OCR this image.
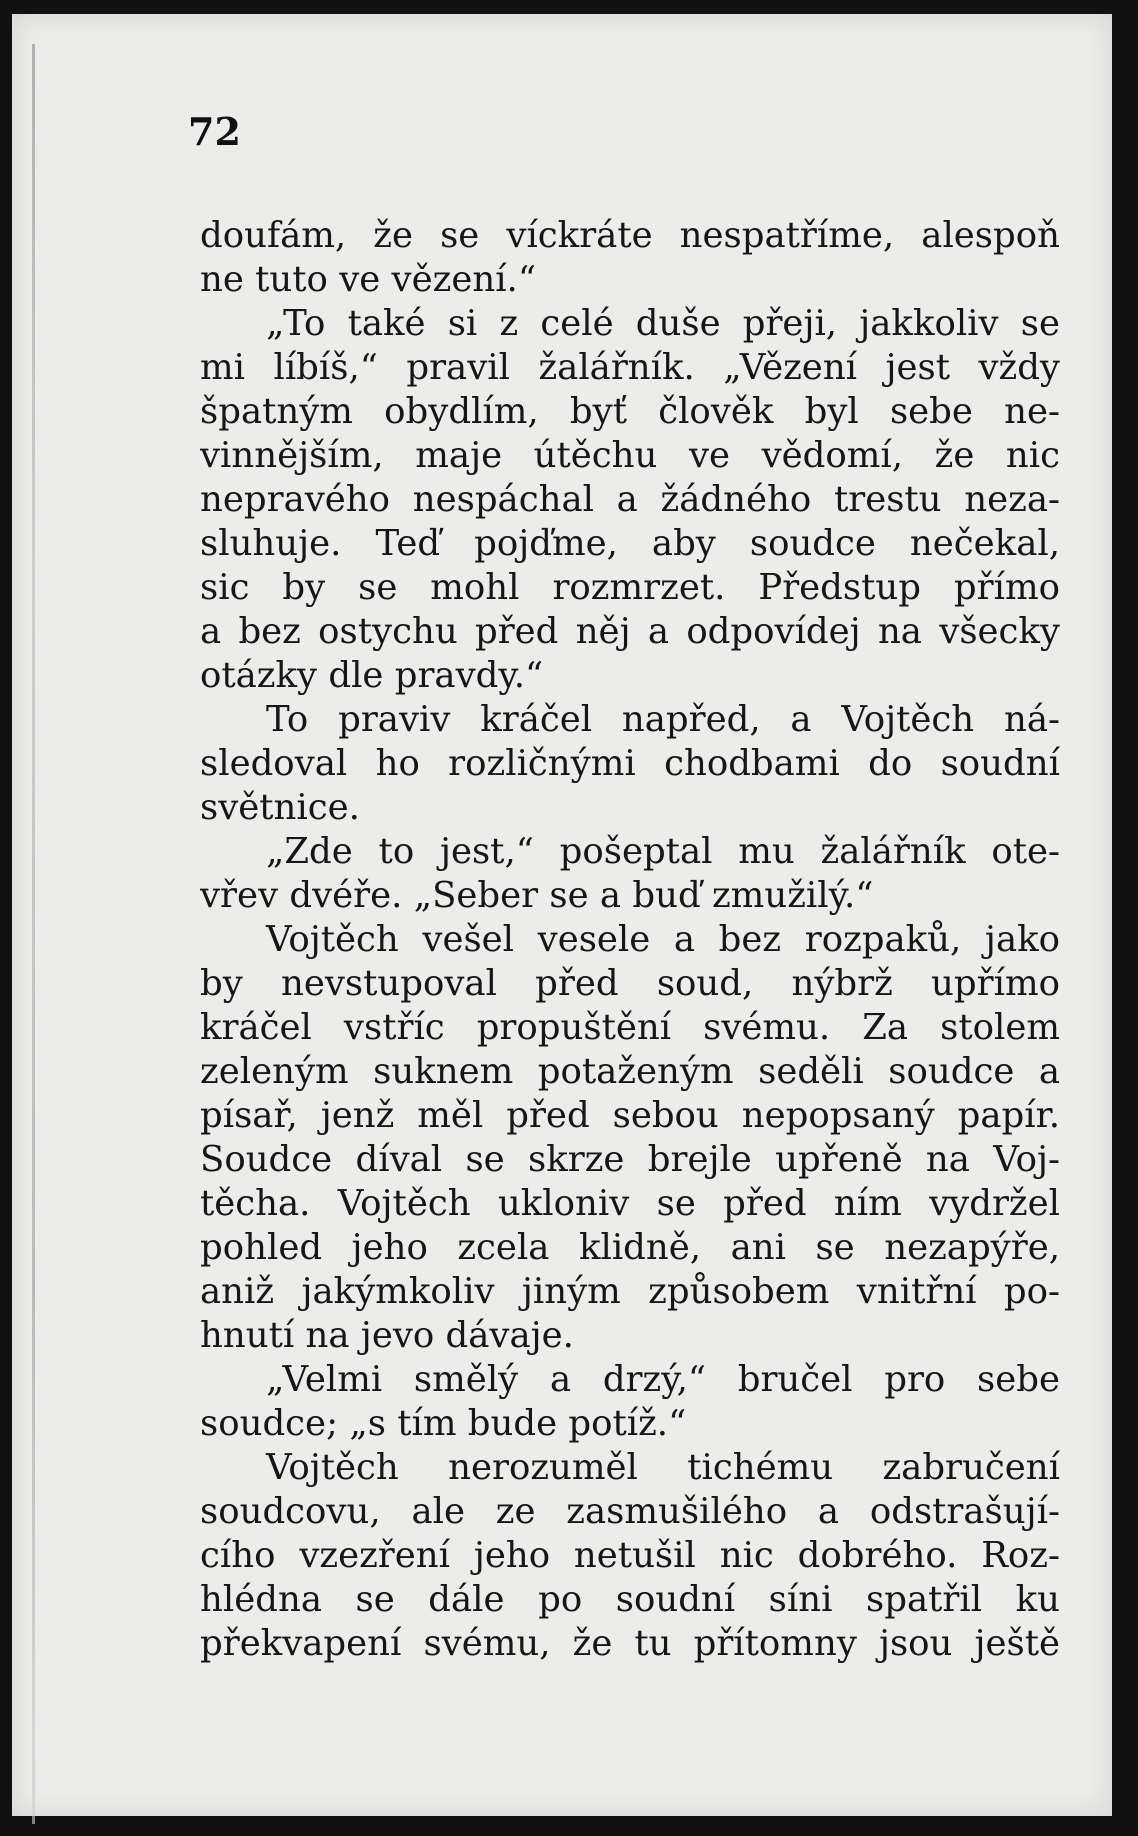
72
doufám, že se víckráte nespatříme, alespoň
ne tuto ve vězení.“
„To také si z celé duše přeji, jakkoliv se
mi líbíš,“ pravil žalářník. „Vězení jest vždy
špatným obydlím, byť člověk byl sebe ne-
vinnějším, maje útěchu ve vědomí, že nic
nepravého nespáchal a žádného trestu neza-
sluhuje. Teď pojďme, aby soudce nečekal,
sic by se mohl rozmrzet. Předstup přímo
a bez ostychu před něj a odpovídej na všecky
otázky dle pravdy.“
To praviv kráčel napřed, a Vojtěch ná-
sledoval ho rozličnými chodbami do soudní
světnice.
„Zde to jest,“ pošeptal mu žalářník ote-
vřev dvéře. „Seber se a buď zmužilý.“
Vojtěch vešel vesele a bez rozpaků, jako
by nevstupoval před soud, nýbrž upřímo
kráčel vstříc propuštění svému. Za stolem
zeleným suknem potaženým seděli soudce a
písař, jenž měl před sebou nepopsaný papír.
Soudce díval se skrze brejle upřeně na Voj-
těcha. Vojtěch ukloniv se před ním vydržel
pohled jeho zcela klidně, ani se nezapýře,
aniž jakýmkoliv jiným způsobem vnitřní po-
hnutí na jevo dávaje.
„Velmi smělý a drzý,“ bručel pro sebe
soudce; „s tím bude potíž.“
Vojtěch nerozuměl tichému zabručení
soudcovu, ale ze zasmušilého a odstrašují-
cího vzezření jeho netušil nic dobrého. Roz-
hlédna se dále po soudní síni spatřil ku
překvapení svému, že tu přítomny jsou ještě
